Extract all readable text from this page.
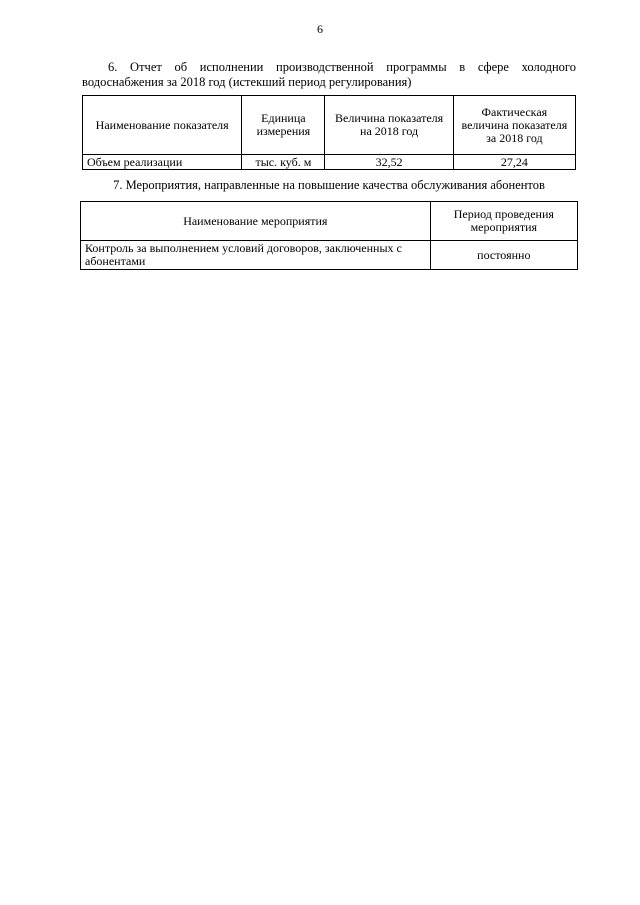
6
6. Отчет об исполнении производственной программы в сфере холодного
водоснабжения за 2018 год (истекший период регулирования)
Наименование показателя	Единица измерения	Величина показателя на 2018 год	Фактическая величина показателя за 2018 год
Объем реализации	тыс. куб. м	32,52	27,24
7. Мероприятия, направленные на повышение качества обслуживания абонентов
Наименование мероприятия	Период проведения мероприятия
Контроль за выполнением условий договоров, заключенных с абонентами	постоянно
